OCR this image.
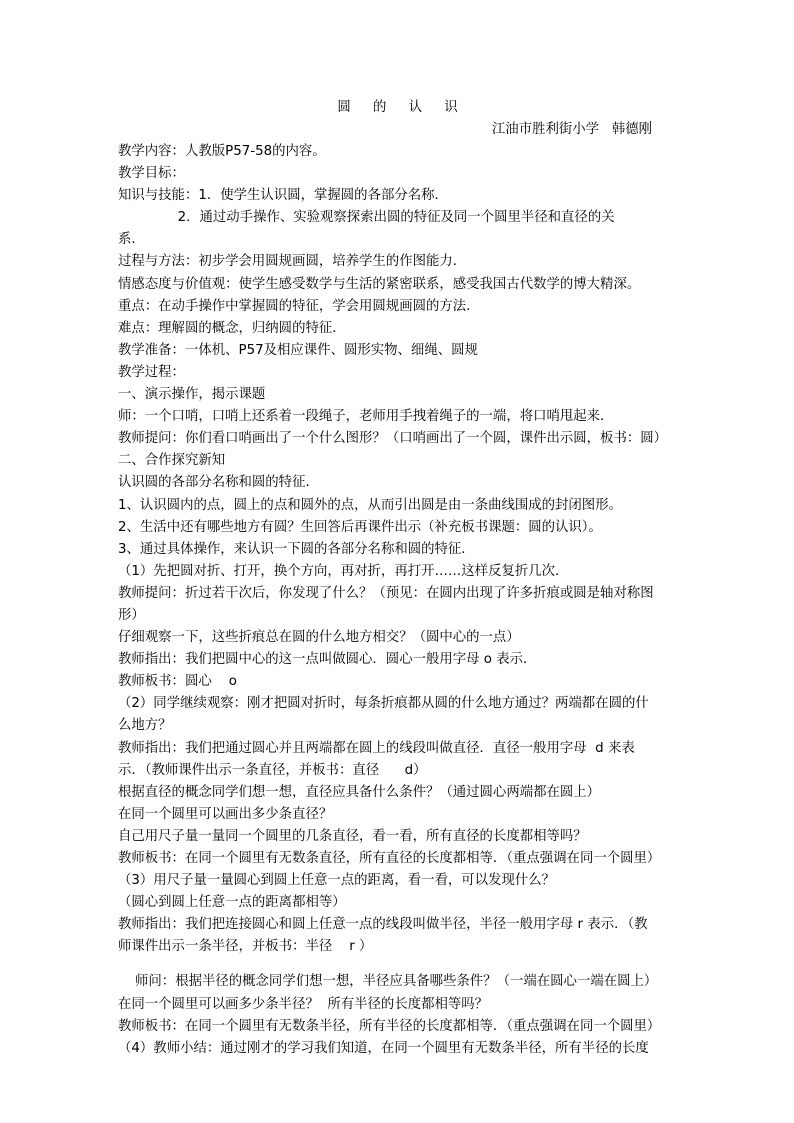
圆 的 认 识
江油市胜利街小学   韩德刚
教学内容：人教版P57-58的内容。
教学目标：
知识与技能：1．使学生认识圆，掌握圆的各部分名称．
2．通过动手操作、实验观察探索出圆的特征及同一个圆里半径和直径的关
系．
过程与方法：初步学会用圆规画圆，培养学生的作图能力．
情感态度与价值观：使学生感受数学与生活的紧密联系，感受我国古代数学的博大精深。
重点：在动手操作中掌握圆的特征，学会用圆规画圆的方法．
难点：理解圆的概念，归纳圆的特征．
教学准备：一体机、P57及相应课件、圆形实物、细绳、圆规
教学过程：
一、演示操作，揭示课题
师：一个口哨，口哨上还系着一段绳子，老师用手拽着绳子的一端，将口哨甩起来．
教师提问：你们看口哨画出了一个什么图形？（口哨画出了一个圆，课件出示圆，板书：圆）
二、合作探究新知
认识圆的各部分名称和圆的特征．
1、认识圆内的点，圆上的点和圆外的点，从而引出圆是由一条曲线围成的封闭图形。
2、生活中还有哪些地方有圆？生回答后再课件出示（补充板书课题：圆的认识）。
3、通过具体操作，来认识一下圆的各部分名称和圆的特征．
（1）先把圆对折、打开，换个方向，再对折，再打开……这样反复折几次．
教师提问：折过若干次后，你发现了什么？（预见：在圆内出现了许多折痕或圆是轴对称图
形）
仔细观察一下，这些折痕总在圆的什么地方相交？（圆中心的一点）
教师指出：我们把圆中心的这一点叫做圆心．圆心一般用字母 o 表示．
教师板书：圆心    o
（2）同学继续观察：刚才把圆对折时，每条折痕都从圆的什么地方通过？两端都在圆的什
么地方？
教师指出：我们把通过圆心并且两端都在圆上的线段叫做直径．直径一般用字母  d 来表
示．（教师课件出示一条直径，并板书：直径      d）
根据直径的概念同学们想一想，直径应具备什么条件？（通过圆心两端都在圆上）
在同一个圆里可以画出多少条直径？
自己用尺子量一量同一个圆里的几条直径，看一看，所有直径的长度都相等吗？
教师板书：在同一个圆里有无数条直径，所有直径的长度都相等．（重点强调在同一个圆里）
（3）用尺子量一量圆心到圆上任意一点的距离，看一看，可以发现什么？
（圆心到圆上任意一点的距离都相等）
教师指出：我们把连接圆心和圆上任意一点的线段叫做半径，半径一般用字母 r 表示．（教
师课件出示一条半径，并板书：半径    r ）
师问：根据半径的概念同学们想一想，半径应具备哪些条件？（一端在圆心一端在圆上）
在同一个圆里可以画多少条半径？  所有半径的长度都相等吗？
教师板书：在同一个圆里有无数条半径，所有半径的长度都相等．（重点强调在同一个圆里）
（4）教师小结：通过刚才的学习我们知道，在同一个圆里有无数条半径，所有半径的长度
